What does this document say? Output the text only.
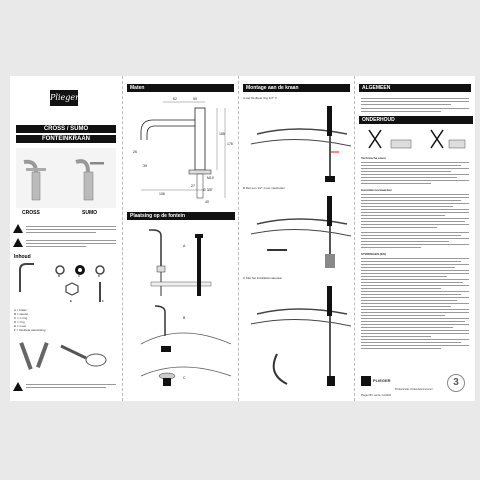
Plieger
CROSS / SUMO
FONTEINKRAAN
CROSS	SUMO
Inhoud
B	C	D
E	F
A = kraan
B = sleutel
C = o-ring
D = ring
E = moer
F = flexibele aansluiting
Maten
62	59
155
176
26
39
106
40
27
M10
G 3/8"
Plaatsing op de fontein
A
B
C
Montage aan de kraan
A Het flexibele ring 1/2" 3
B Met een 1/2" moer vastzetten
C Met het installatiemateriaal
ALGEMEEN
ONDERHOUD
Technische eisen
Garantievoorwaarden
STORINGEN (EN)
PLIEGER	3
Productcode: Onderdelennummer
Plieger BV, versie 1.2/2016
